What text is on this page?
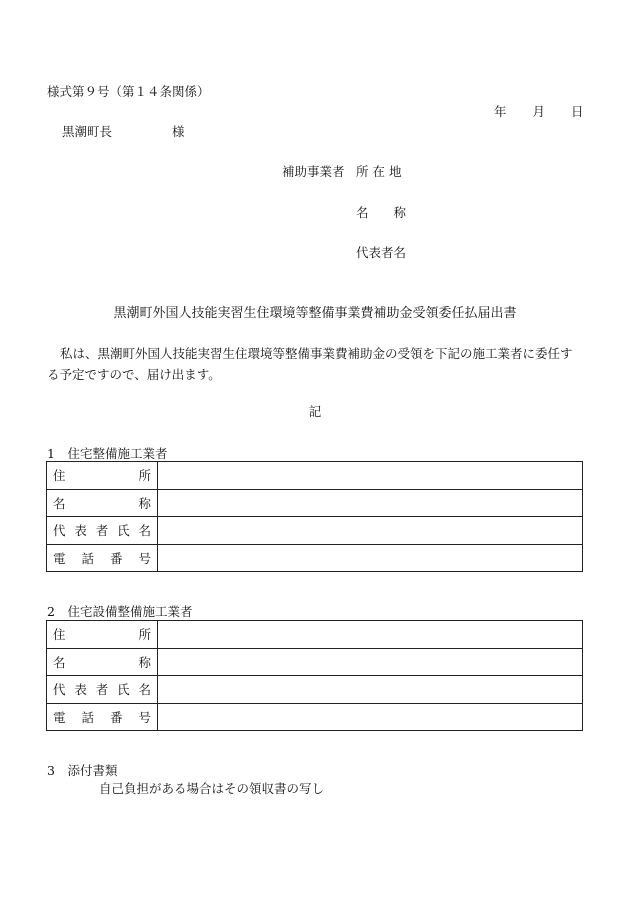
様式第９号（第１４条関係）
年 月 日
黒潮町長	様
補助事業者 所 在 地
名　　称
代表者名
黒潮町外国人技能実習生住環境等整備事業費補助金受領委任払届出書
私は、黒潮町外国人技能実習生住環境等整備事業費補助金の受領を下記の施工業者に委任する予定ですので、届け出ます。
記
1　住宅整備施工業者
住 所	

名 称	

代 表 者 氏 名	

電 話 番 号	

2　住宅設備整備施工業者
住 所	

名 称	

代 表 者 氏 名	

電 話 番 号	

3　添付書類
自己負担がある場合はその領収書の写し
